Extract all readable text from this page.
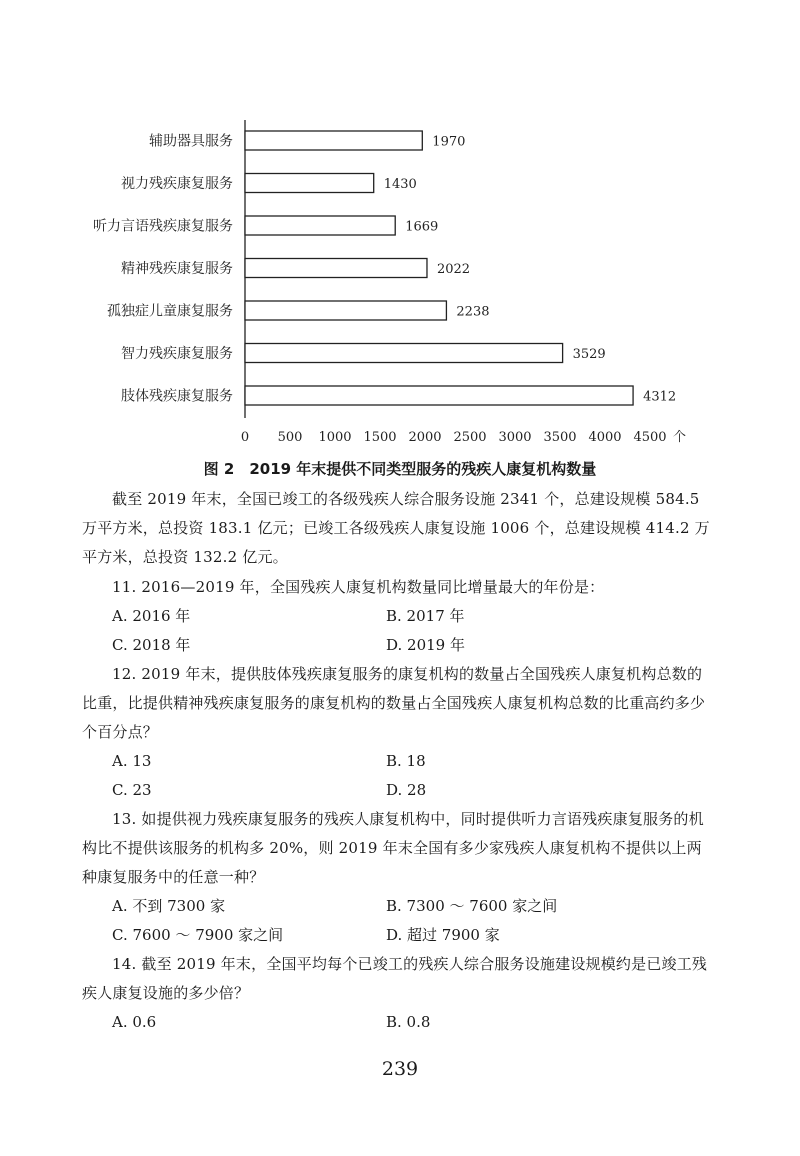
辅助器具服务	1970
视力残疾康复服务	1430
听力言语残疾康复服务	1669
精神残疾康复服务	2022
孤独症儿童康复服务	2238
智力残疾康复服务	3529
肢体残疾康复服务	4312
0 500 1000 1500 2000 2500 3000 3500 4000 4500 个
图 2　2019 年末提供不同类型服务的残疾人康复机构数量
截至 2019 年末，全国已竣工的各级残疾人综合服务设施 2341 个，总建设规模 584.5 万平方米，总投资 183.1 亿元；已竣工各级残疾人康复设施 1006 个，总建设规模 414.2 万平方米，总投资 132.2 亿元。
11. 2016—2019 年，全国残疾人康复机构数量同比增量最大的年份是：
A. 2016 年	B. 2017 年
C. 2018 年	D. 2019 年
12. 2019 年末，提供肢体残疾康复服务的康复机构的数量占全国残疾人康复机构总数的比重，比提供精神残疾康复服务的康复机构的数量占全国残疾人康复机构总数的比重高约多少个百分点？
A. 13	B. 18
C. 23	D. 28
13. 如提供视力残疾康复服务的残疾人康复机构中，同时提供听力言语残疾康复服务的机构比不提供该服务的机构多 20%，则 2019 年末全国有多少家残疾人康复机构不提供以上两种康复服务中的任意一种？
A. 不到 7300 家	B. 7300 ～ 7600 家之间
C. 7600 ～ 7900 家之间	D. 超过 7900 家
14. 截至 2019 年末，全国平均每个已竣工的残疾人综合服务设施建设规模约是已竣工残疾人康复设施的多少倍？
A. 0.6	B. 0.8
239
